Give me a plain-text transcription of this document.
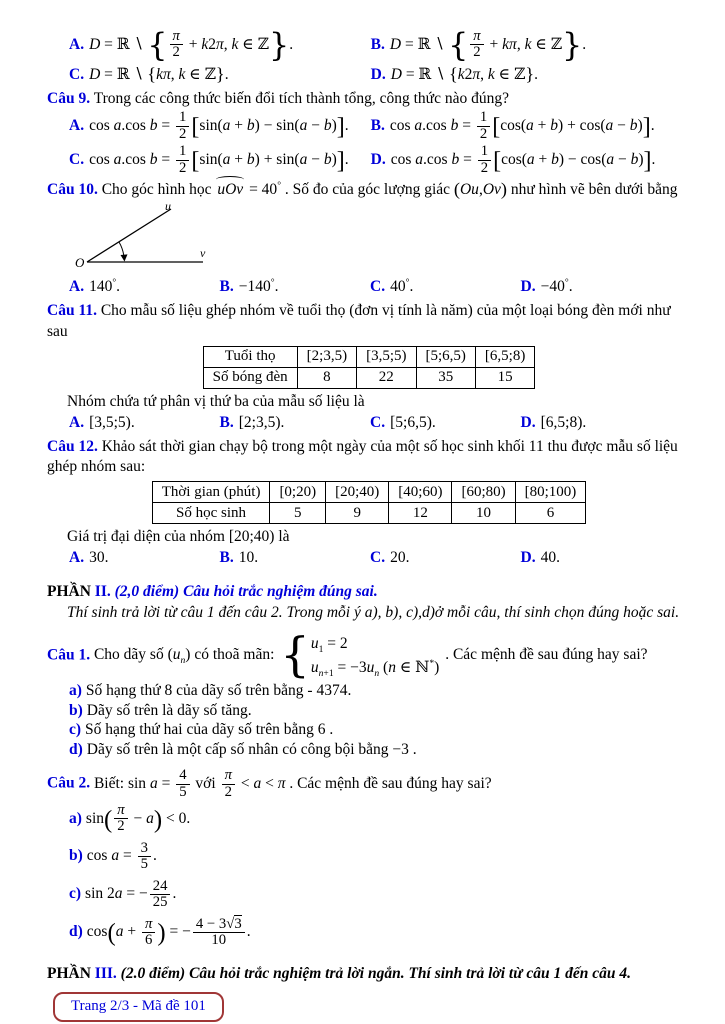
A. D = ℝ ∖ { $\frac{\pi}{2} + k2\pi$, k ∈ ℤ}.	B. D = ℝ ∖ { $\frac{\pi}{2} + k\pi$, k ∈ ℤ}.
C. D = ℝ ∖ {kπ, k ∈ ℤ}.	D. D = ℝ ∖ {k2π, k ∈ ℤ}.
Câu 9. Trong các công thức biến đổi tích thành tổng, công thức nào đúng?
A. cos a.cos $b = \frac{1}{2} [\sin(a + b) - \sin(a - b)]$.	B. cos a.cos $b = \frac{1}{2} [\cos(a + b) + \cos(a - b)]$.
C. cos a.cos $b = \frac{1}{2} [\sin(a + b) + \sin(a - b)]$.	D. cos a.cos $b = \frac{1}{2} [\cos(a + b) - \cos(a - b)]$.
Câu 10. Cho góc hình học uOv = 40° . Số đo của góc lượng giác (Ou,Ov) như hình vẽ bên dưới bằng
u
v
O
A. 140°.	B. −140°.	C. 40°.	D. −40°.
Câu 11. Cho mẫu số liệu ghép nhóm về tuổi thọ (đơn vị tính là năm) của một loại bóng đèn mới như sau
Tuổi thọ	[2;3,5)	[3,5;5)	[5;6,5)	[6,5;8)
Số bóng đèn	8	22	35	15
Nhóm chứa tứ phân vị thứ ba của mẫu số liệu là
A. [3,5;5).	B. [2;3,5).	C. [5;6,5).	D. [6,5;8).
Câu 12. Khảo sát thời gian chạy bộ trong một ngày của một số học sinh khối 11 thu được mẫu số liệu ghép nhóm sau:
Thời gian (phút)	[0;20)	[20;40)	[40;60)	[60;80)	[80;100)
Số học sinh	5	9	12	10	6
Giá trị đại diện của nhóm [20;40) là
A. 30.	B. 10.	C. 20.	D. 40.
PHẦN II. (2,0 điểm) Câu hỏi trắc nghiệm đúng sai.
Thí sinh trả lời từ câu 1 đến câu 2. Trong mỗi ý a), b), c),d)ở mỗi câu, thí sinh chọn đúng hoặc sai.
Câu 1. Cho dãy số $(u_n)$ có thoã mãn: { $u_1 = 2$
$u_{n+1} = -3u_n$ (n ∈ ℕ*)
. Các mệnh đề sau đúng hay sai?
a) Số hạng thứ 8 của dãy số trên bằng - 4374.
b) Dãy số trên là dãy số tăng.
c) Số hạng thứ hai của dãy số trên bằng 6 .
d) Dãy số trên là một cấp số nhân có công bội bằng −3 .
Câu 2. Biết: $\sin a = \frac{4}{5}$ với $\frac{\pi}{2} < a < \pi$ . Các mệnh đề sau đúng hay sai?
a) $\sin( \frac{\pi}{2} - a) < 0$.
b) $\cos a = \frac{3}{5}$ .
c) sin 2a = − $\frac{24}{25}$ .
d) $\cos(a + \frac{\pi}{6}$ ) = − $\frac{4 - 3√3}{10}$ .
PHẦN III. (2.0 điểm) Câu hỏi trắc nghiệm trả lời ngắn. Thí sinh trả lời từ câu 1 đến câu 4.
Trang 2/3 - Mã đề 101
